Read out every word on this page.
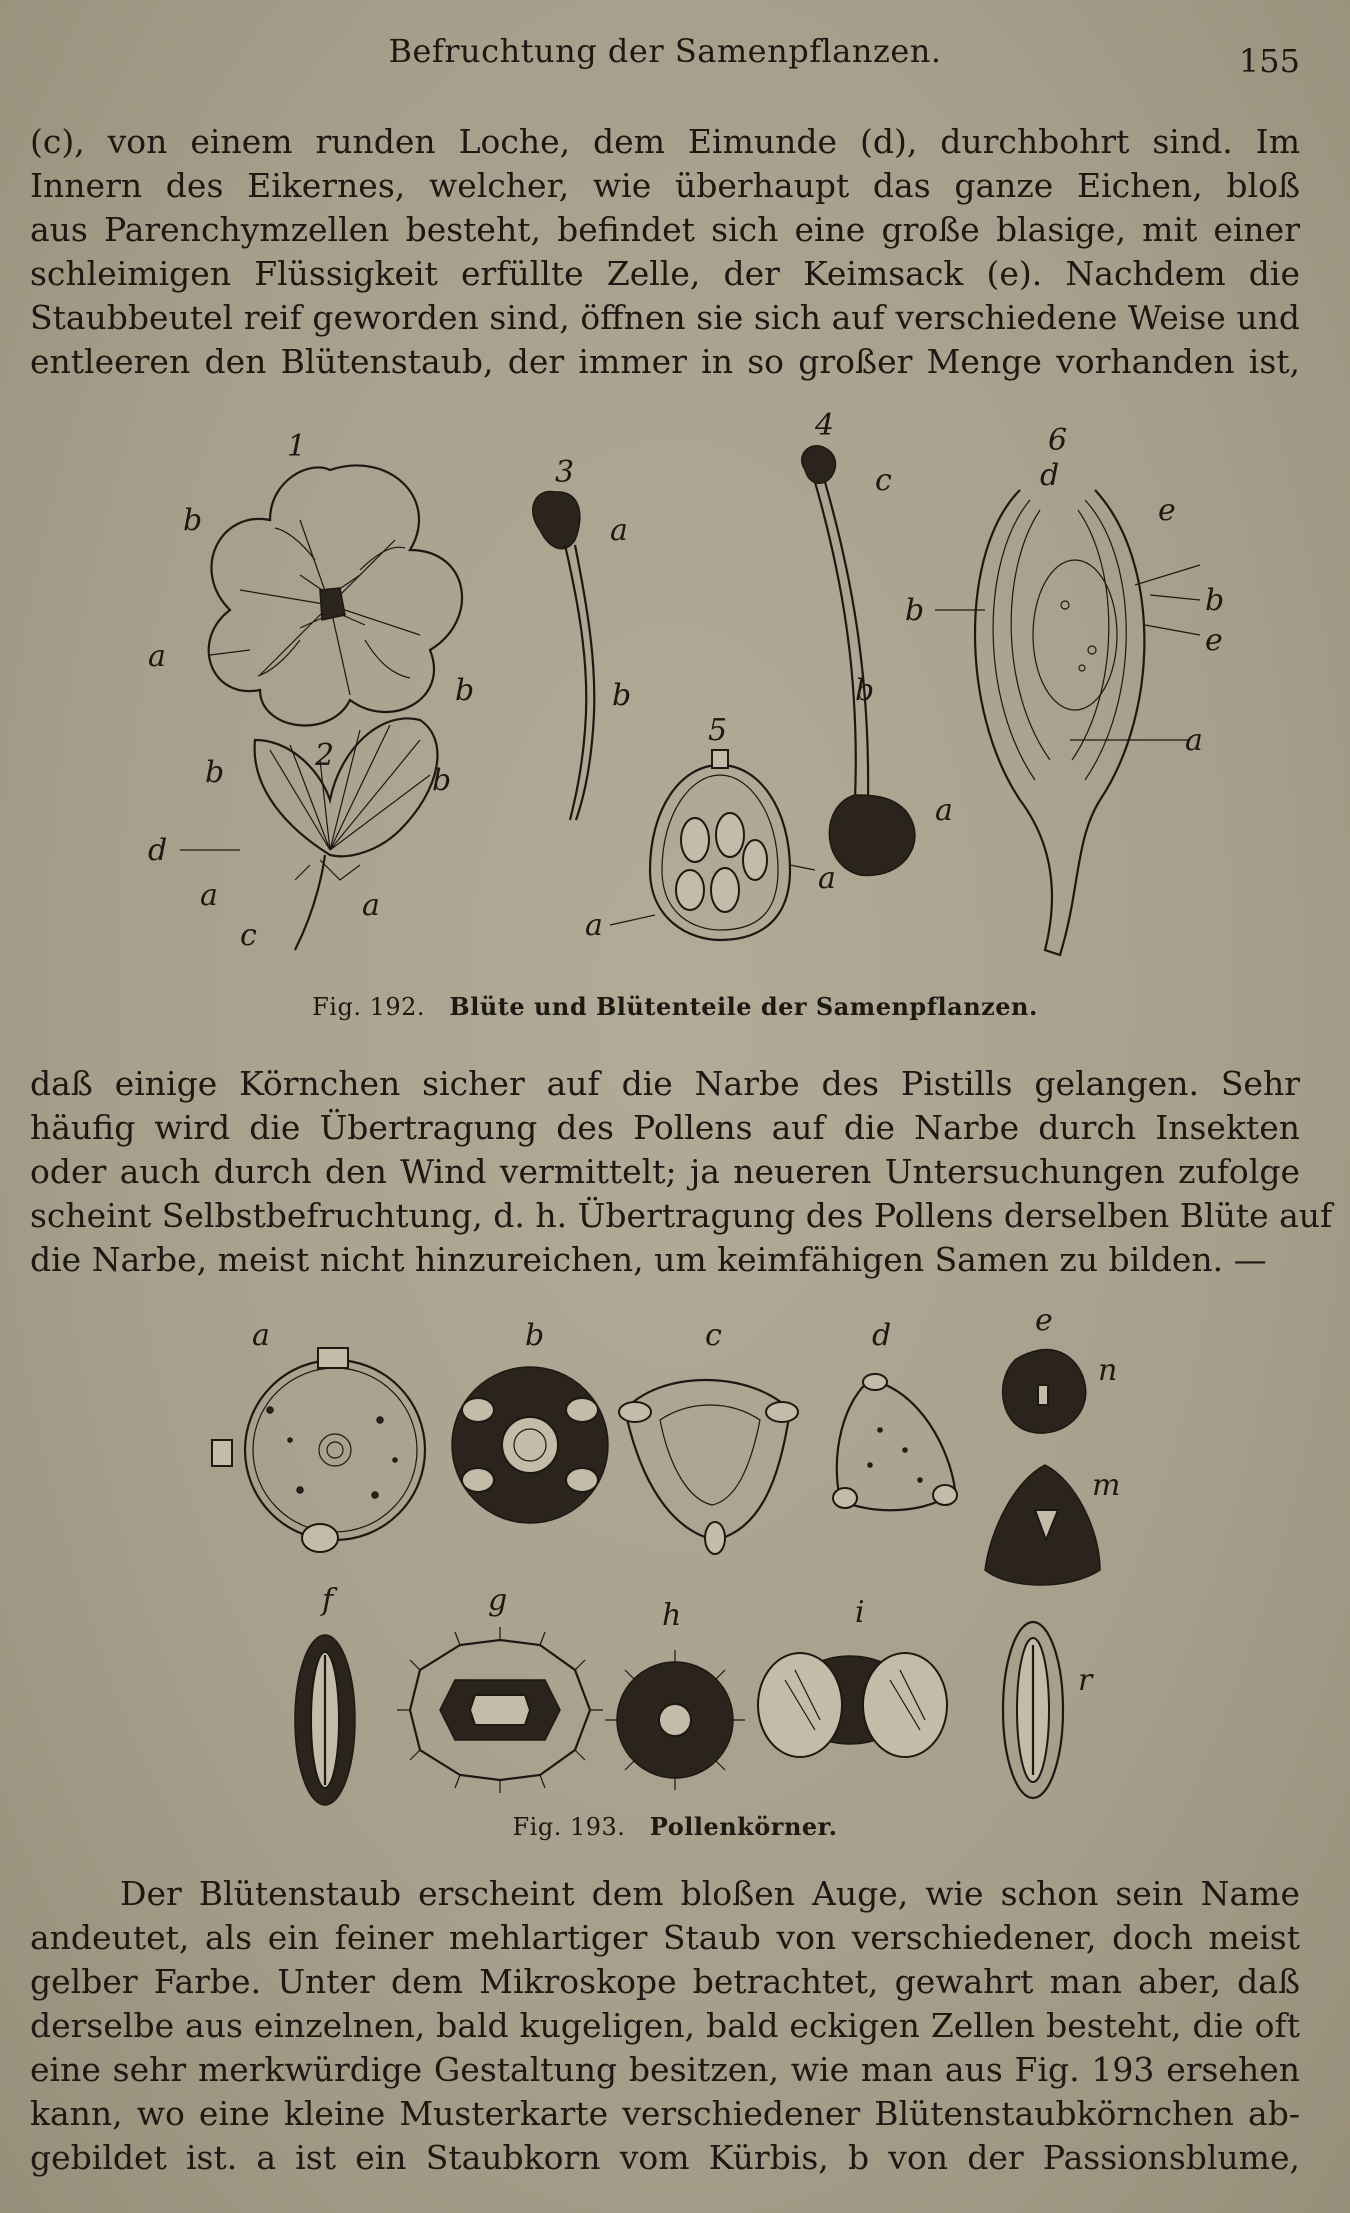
Befruchtung der Samenpflanzen.	155
(c), von einem runden Loche, dem Eimunde (d), durchbohrt sind. Im
Innern des Eikernes, welcher, wie überhaupt das ganze Eichen, bloß
aus Parenchymzellen besteht, befindet sich eine große blasige, mit einer
schleimigen Flüssigkeit erfüllte Zelle, der Keimsack (e). Nachdem die
Staubbeutel reif geworden sind, öffnen sie sich auf verschiedene Weise und
entleeren den Blütenstaub, der immer in so großer Menge vorhanden ist,
1
b
a
b
2
b	b
d
a
c
a
3
a
b
4
c
b
a
5
a
a
6
d
e
b	b
e
a
Fig. 192. Blüte und Blütenteile der Samenpflanzen.
daß einige Körnchen sicher auf die Narbe des Pistills gelangen. Sehr
häufig wird die Übertragung des Pollens auf die Narbe durch Insekten
oder auch durch den Wind vermittelt; ja neueren Untersuchungen zufolge
scheint Selbstbefruchtung, d. h. Übertragung des Pollens derselben Blüte auf
die Narbe, meist nicht hinzureichen, um keimfähigen Samen zu bilden. —
a	b	c	d	e
n
m
f	g	h	i
r
Fig. 193. Pollenkörner.
Der Blütenstaub erscheint dem bloßen Auge, wie schon sein Name
andeutet, als ein feiner mehlartiger Staub von verschiedener, doch meist
gelber Farbe. Unter dem Mikroskope betrachtet, gewahrt man aber, daß
derselbe aus einzelnen, bald kugeligen, bald eckigen Zellen besteht, die oft
eine sehr merkwürdige Gestaltung besitzen, wie man aus Fig. 193 ersehen
kann, wo eine kleine Musterkarte verschiedener Blütenstaubkörnchen ab-
gebildet ist. a ist ein Staubkorn vom Kürbis, b von der Passionsblume,
